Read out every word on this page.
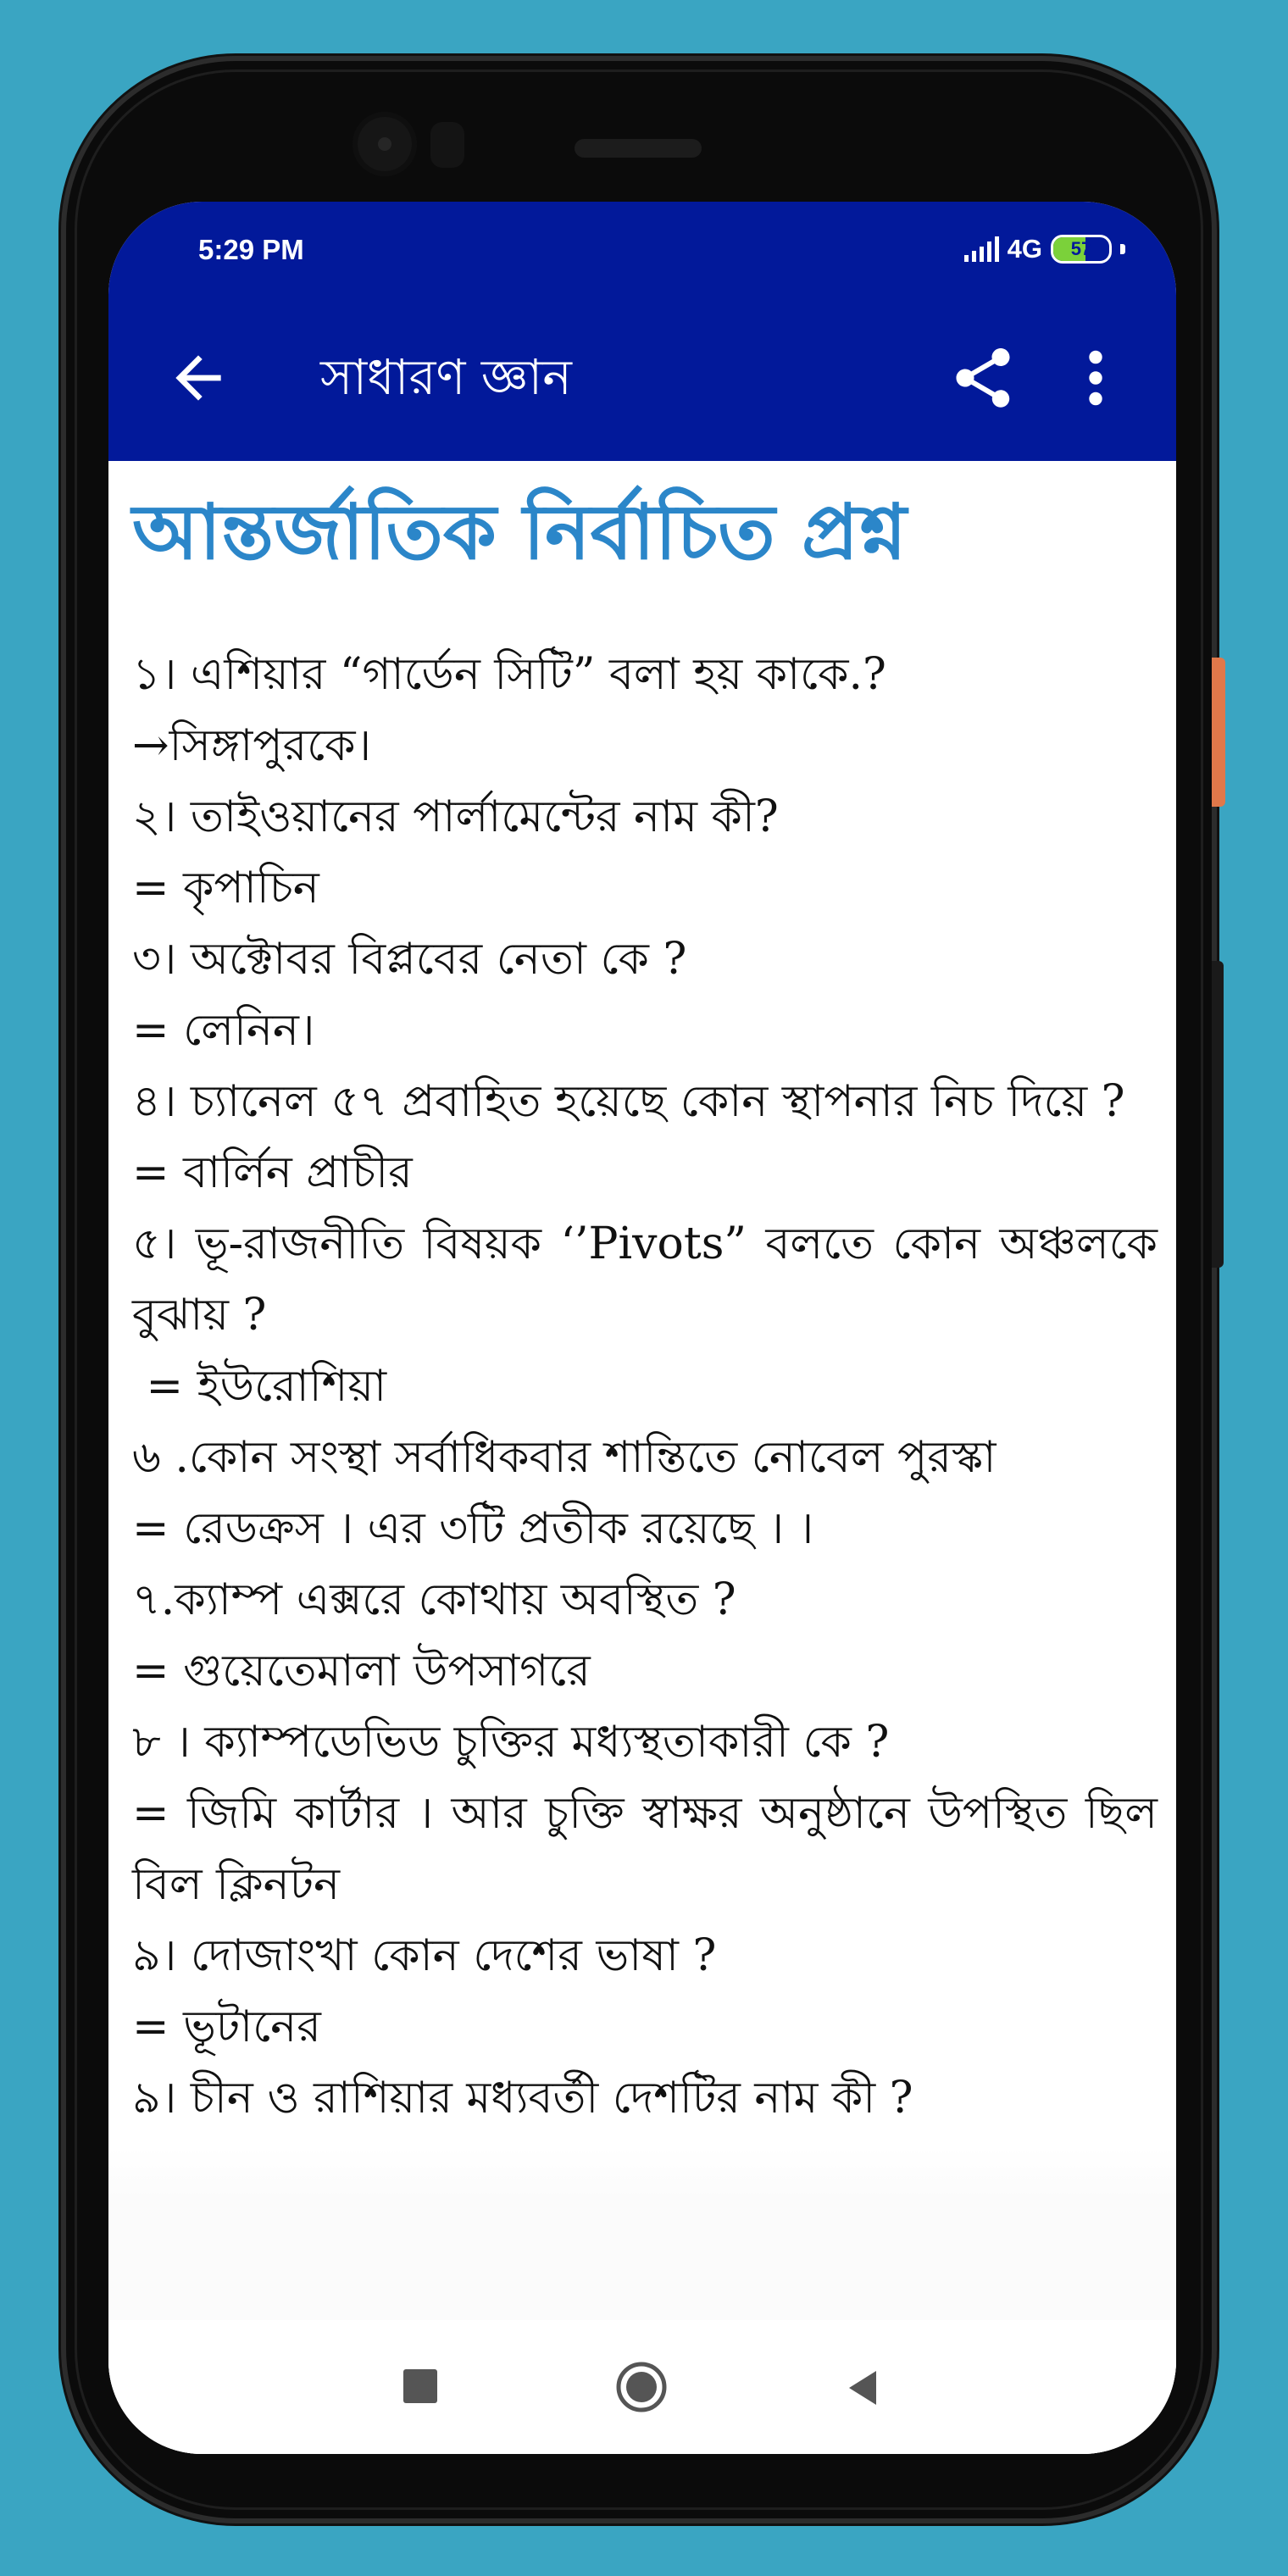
5:29 PM	4G 57
সাধারণ জ্ঞান
আন্তর্জাতিক নির্বাচিত প্রশ্ন

১। এশিয়ার “গার্ডেন সিটি” বলা হয় কাকে.?

→সিঙ্গাপুরকে।

২। তাইওয়ানের পার্লামেন্টের নাম কী?

= কৃপাচিন

৩। অক্টোবর বিপ্লবের নেতা কে ?

= লেনিন।

৪। চ্যানেল ৫৭ প্রবাহিত হয়েছে কোন স্থাপনার নিচ দিয়ে ?

= বার্লিন প্রাচীর

৫। ভূ-রাজনীতি বিষয়ক ‘’Pivots” বলতে কোন অঞ্চলকে বুঝায় ?

= ইউরোশিয়া

৬ .কোন সংস্থা সর্বাধিকবার শান্তিতে নোবেল পুরস্কা

= রেডক্রস । এর ৩টি প্রতীক রয়েছে । ।

৭.ক্যাম্প এক্সরে কোথায় অবস্থিত ?

= গুয়েতেমালা উপসাগরে

৮ । ক্যাম্পডেভিড চুক্তির মধ্যস্থতাকারী কে ?

= জিমি কার্টার । আর চুক্তি স্বাক্ষর অনুষ্ঠানে উপস্থিত ছিল বিল ক্লিনটন

৯। দোজাংখা কোন দেশের ভাষা ?

= ভূটানের

৯। চীন ও রাশিয়ার মধ্যবর্তী দেশটির নাম কী ?
